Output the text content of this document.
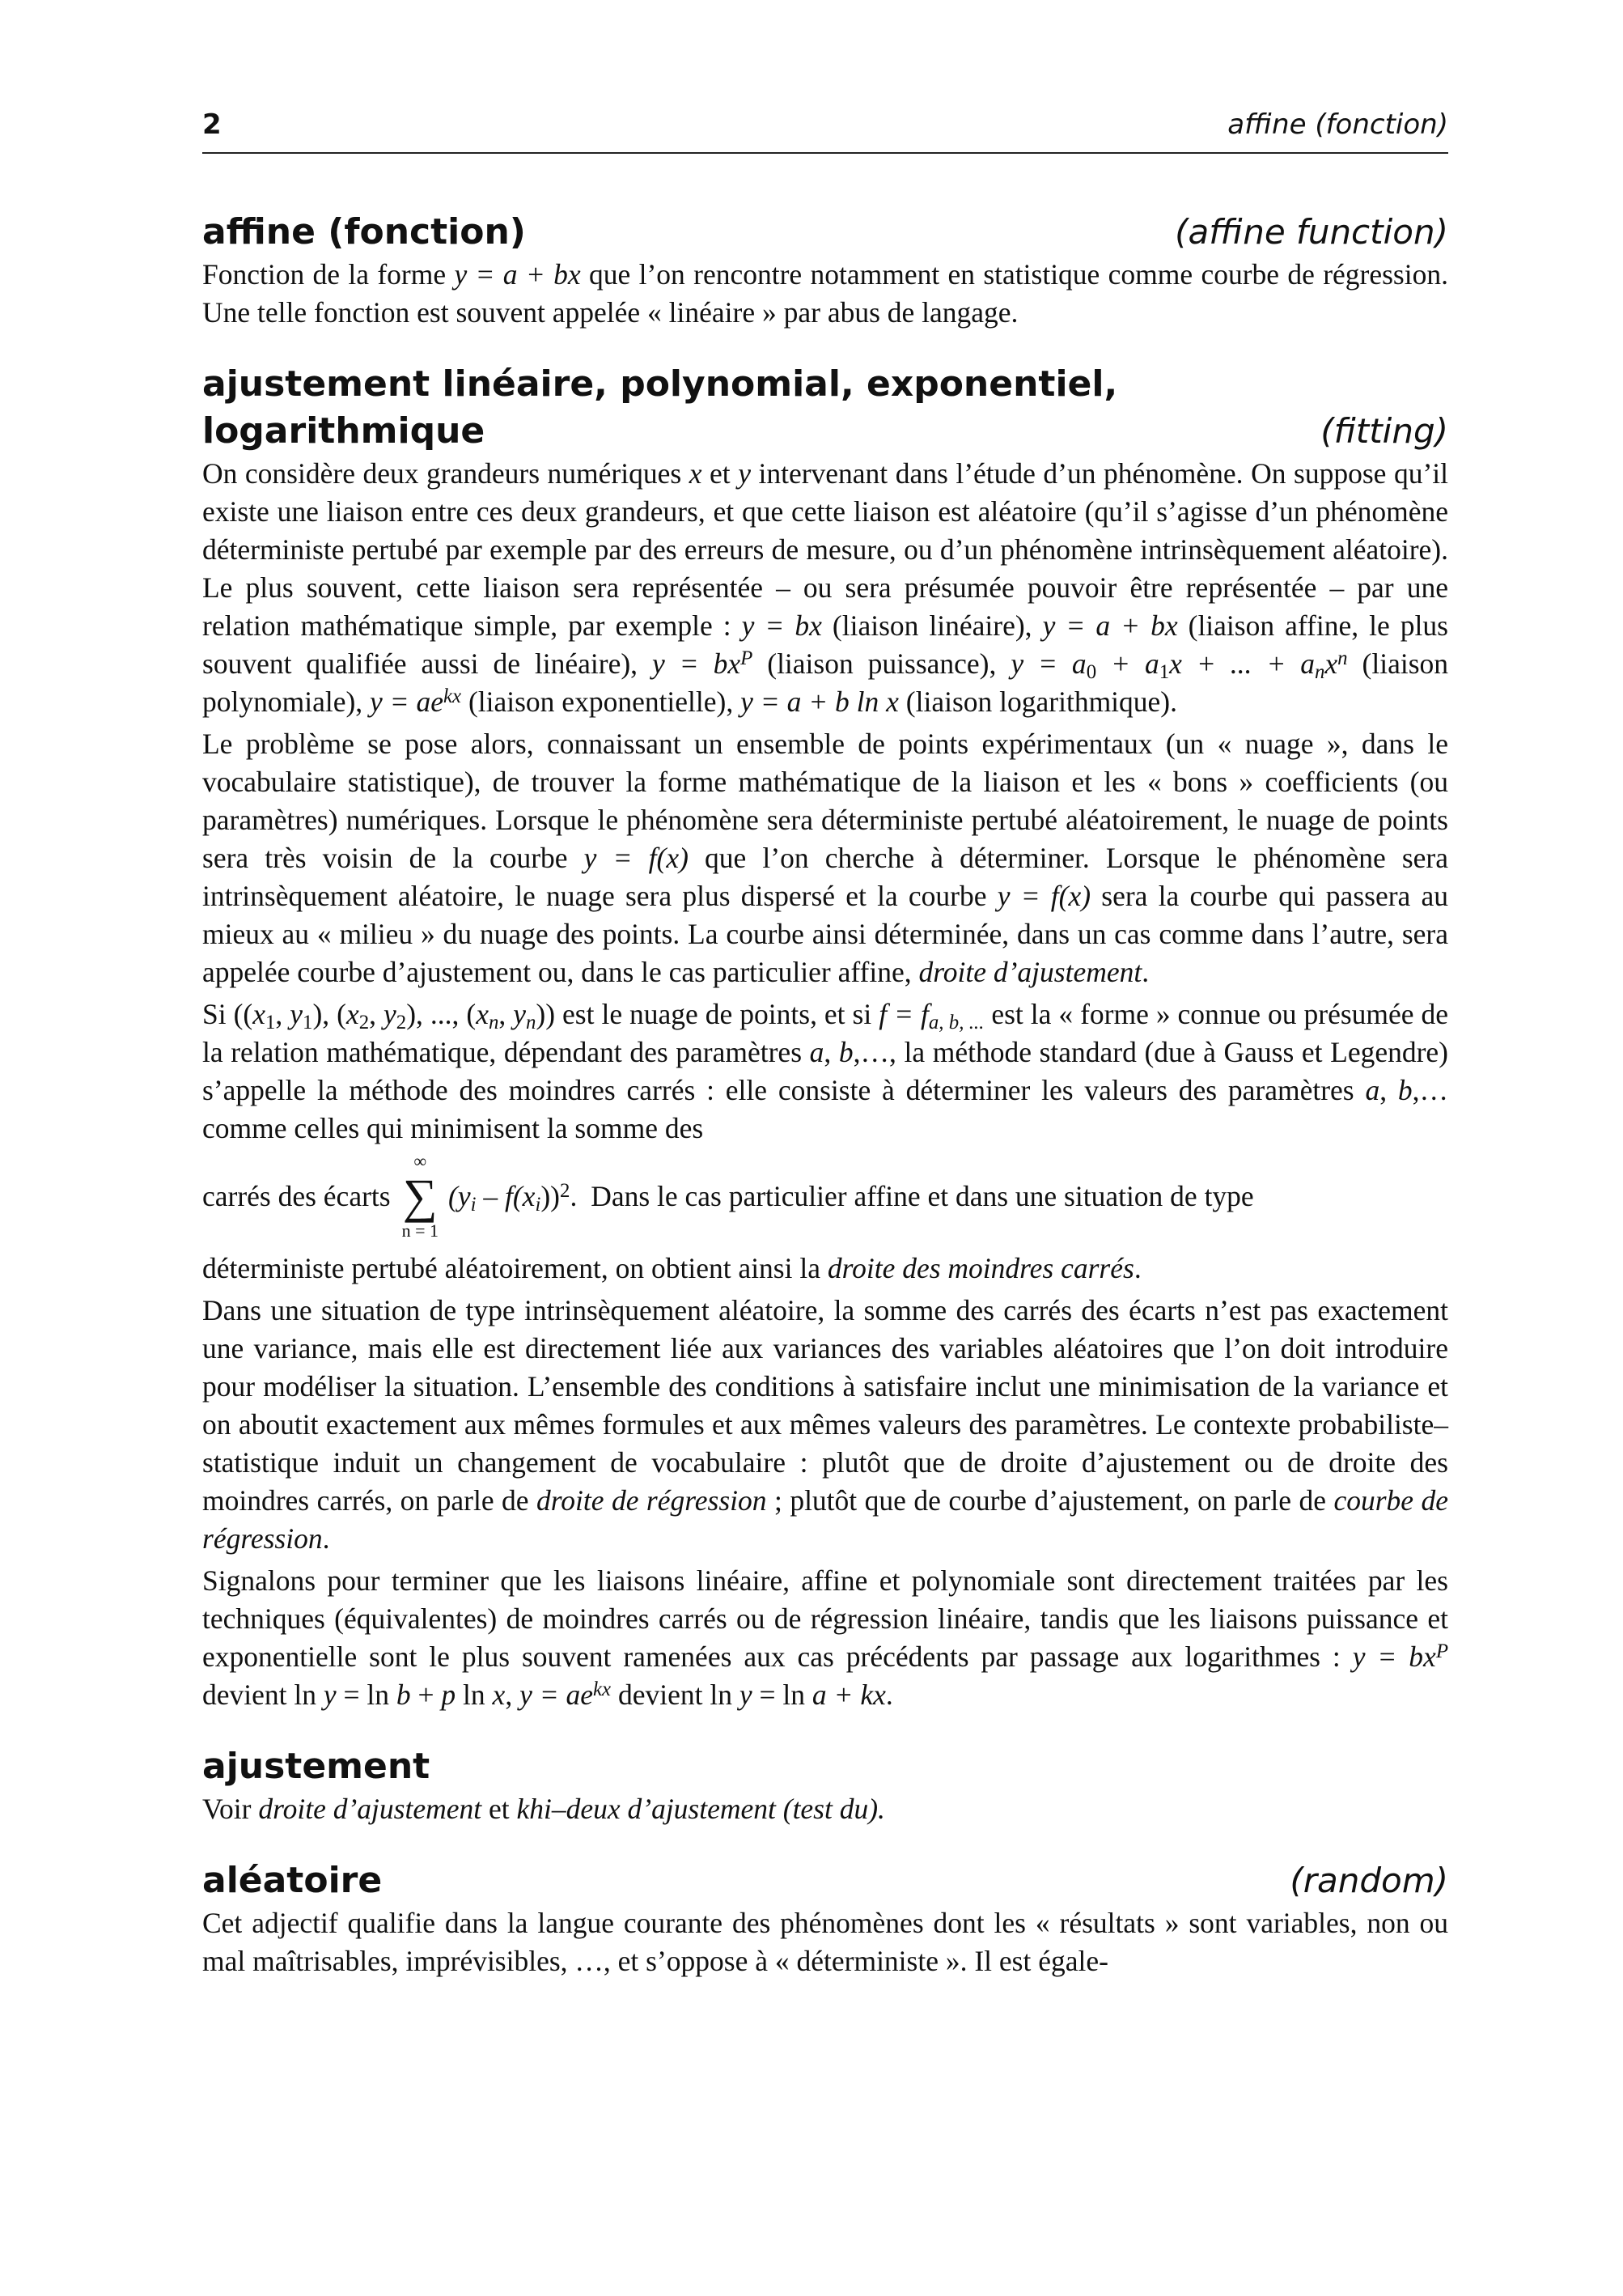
2	affine (fonction)
affine (fonction)	(affine function)

Fonction de la forme y = a + bx que l’on rencontre notamment en statistique comme courbe de régression. Une telle fonction est souvent appelée « linéaire » par abus de langage.

ajustement linéaire, polynomial, exponentiel,
logarithmique	(fitting)

On considère deux grandeurs numériques x et y intervenant dans l’étude d’un phénomène. On suppose qu’il existe une liaison entre ces deux grandeurs, et que cette liaison est aléatoire (qu’il s’agisse d’un phénomène déterministe pertubé par exemple par des erreurs de mesure, ou d’un phénomène intrinsèquement aléatoire). Le plus souvent, cette liaison sera représentée – ou sera présumée pouvoir être représentée – par une relation mathématique simple, par exemple : y = bx (liaison linéaire), y = a + bx (liaison affine, le plus souvent qualifiée aussi de linéaire), $y = bx^P$ (liaison puissance), $y = a_0 + a_1x$ + ... + $a_nx^n$ (liaison polynomiale), $y = ae^{kx}$ (liaison exponentielle), y = a + b ln x (liaison logarithmique).

Le problème se pose alors, connaissant un ensemble de points expérimentaux (un « nuage », dans le vocabulaire statistique), de trouver la forme mathématique de la liaison et les « bons » coefficients (ou paramètres) numériques. Lorsque le phénomène sera déterministe pertubé aléatoirement, le nuage de points sera très voisin de la courbe y = f(x) que l’on cherche à déterminer. Lorsque le phénomène sera intrinsèquement aléatoire, le nuage sera plus dispersé et la courbe y = f(x) sera la courbe qui passera au mieux au « milieu » du nuage des points. La courbe ainsi déterminée, dans un cas comme dans l’autre, sera appelée courbe d’ajustement ou, dans le cas particulier affine, droite d’ajustement.

Si (($x_1$, $y_1$), ($x_2$, $y_2$), ..., ($x_n$, $y_n$)) est le nuage de points, et si $f = f_{a, b, ...}$ est la « forme » connue ou présumée de la relation mathématique, dépendant des paramètres a, b,…, la méthode standard (due à Gauss et Legendre) s’appelle la méthode des moindres carrés : elle consiste à déterminer les valeurs des paramètres a, b,… comme celles qui minimisent la somme des

carrés des écarts
∞
∑
n = 1
$(y_i - f(x_i))^2$. Dans le cas particulier affine et dans une situation de type

déterministe pertubé aléatoirement, on obtient ainsi la droite des moindres carrés.

Dans une situation de type intrinsèquement aléatoire, la somme des carrés des écarts n’est pas exactement une variance, mais elle est directement liée aux variances des variables aléatoires que l’on doit introduire pour modéliser la situation. L’ensemble des conditions à satisfaire inclut une minimisation de la variance et on aboutit exactement aux mêmes formules et aux mêmes valeurs des paramètres. Le contexte probabiliste–statistique induit un changement de vocabulaire : plutôt que de droite d’ajustement ou de droite des moindres carrés, on parle de droite de régression ; plutôt que de courbe d’ajustement, on parle de courbe de régression.

Signalons pour terminer que les liaisons linéaire, affine et polynomiale sont directement traitées par les techniques (équivalentes) de moindres carrés ou de régression linéaire, tandis que les liaisons puissance et exponentielle sont le plus souvent ramenées aux cas précédents par passage aux logarithmes : $y = bx^P$ devient ln y = ln b + p ln x, $y = ae^{kx}$ devient ln y = ln a + kx.

ajustement

Voir droite d’ajustement et khi–deux d’ajustement (test du).

aléatoire	(random)

Cet adjectif qualifie dans la langue courante des phénomènes dont les « résultats » sont variables, non ou mal maîtrisables, imprévisibles, …, et s’oppose à « déterministe ». Il est égale-
